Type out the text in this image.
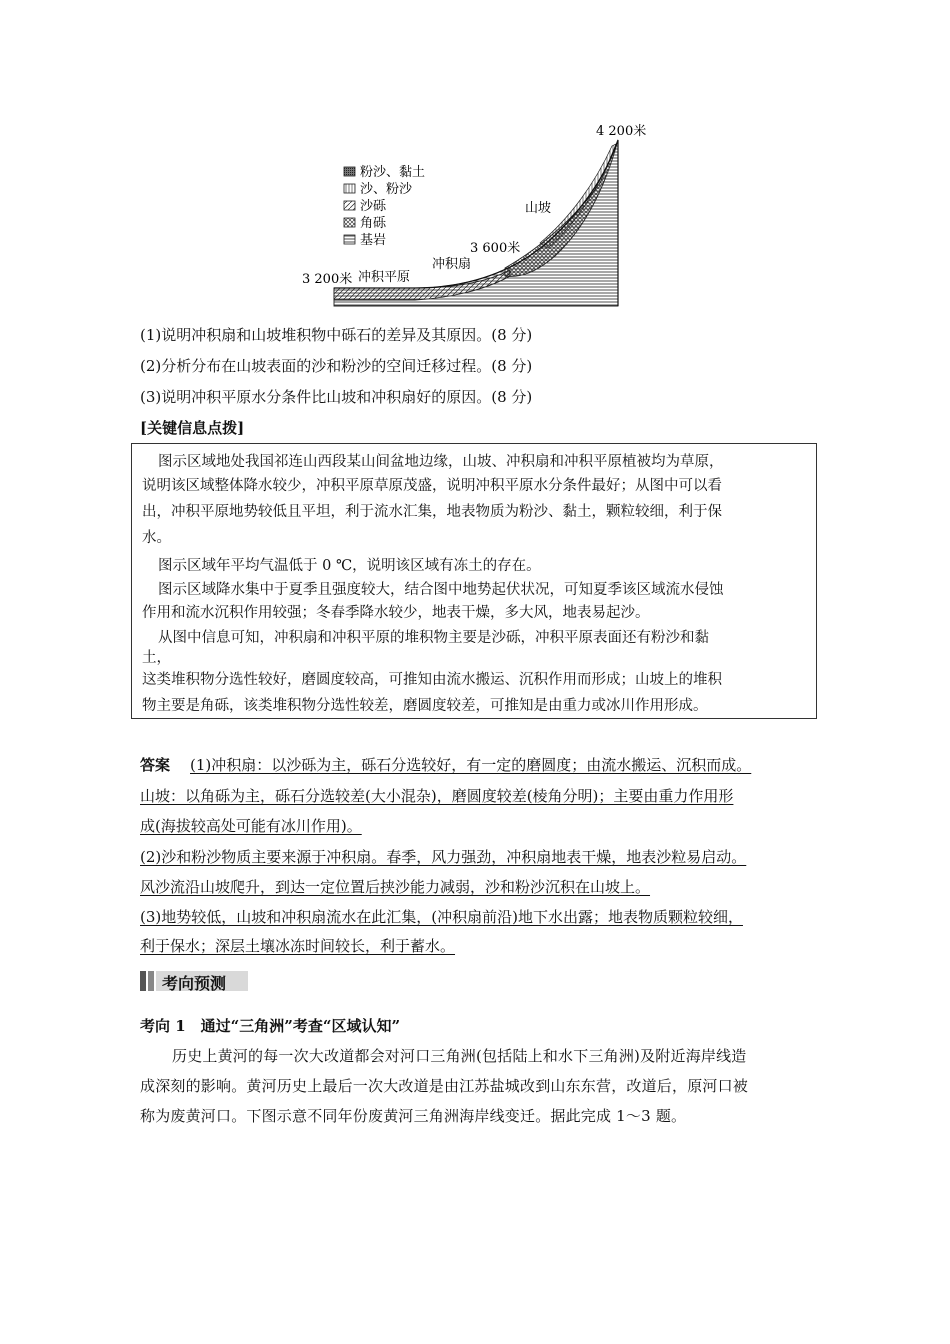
粉沙、黏土
沙、粉沙
沙砾
角砾
基岩
4 200米
山坡
3 600米
冲积扇
3 200米 冲积平原
(1)说明冲积扇和山坡堆积物中砾石的差异及其原因。(8 分)
(2)分析分布在山坡表面的沙和粉沙的空间迁移过程。(8 分)
(3)说明冲积平原水分条件比山坡和冲积扇好的原因。(8 分)
[关键信息点拨]
图示区域地处我国祁连山西段某山间盆地边缘，山坡、冲积扇和冲积平原植被均为草原，
说明该区域整体降水较少，冲积平原草原茂盛，说明冲积平原水分条件最好；从图中可以看
出，冲积平原地势较低且平坦，利于流水汇集，地表物质为粉沙、黏土，颗粒较细，利于保
水。
图示区域年平均气温低于 0 ℃，说明该区域有冻土的存在。
图示区域降水集中于夏季且强度较大，结合图中地势起伏状况，可知夏季该区域流水侵蚀
作用和流水沉积作用较强；冬春季降水较少，地表干燥，多大风，地表易起沙。
从图中信息可知，冲积扇和冲积平原的堆积物主要是沙砾，冲积平原表面还有粉沙和黏
土，
这类堆积物分选性较好，磨圆度较高，可推知由流水搬运、沉积作用而形成；山坡上的堆积
物主要是角砾，该类堆积物分选性较差，磨圆度较差，可推知是由重力或冰川作用形成。
答案 (1)冲积扇：以沙砾为主，砾石分选较好，有一定的磨圆度；由流水搬运、沉积而成。
山坡：以角砾为主，砾石分选较差(大小混杂)，磨圆度较差(棱角分明)；主要由重力作用形
成(海拔较高处可能有冰川作用)。
(2)沙和粉沙物质主要来源于冲积扇。春季，风力强劲，冲积扇地表干燥，地表沙粒易启动。
风沙流沿山坡爬升，到达一定位置后挟沙能力减弱，沙和粉沙沉积在山坡上。
(3)地势较低，山坡和冲积扇流水在此汇集，(冲积扇前沿)地下水出露；地表物质颗粒较细，
利于保水；深层土壤冰冻时间较长，利于蓄水。
考向预测
考向 1　通过“三角洲”考查“区域认知”
历史上黄河的每一次大改道都会对河口三角洲(包括陆上和水下三角洲)及附近海岸线造
成深刻的影响。黄河历史上最后一次大改道是由江苏盐城改到山东东营，改道后，原河口被
称为废黄河口。下图示意不同年份废黄河三角洲海岸线变迁。据此完成 1～3 题。
